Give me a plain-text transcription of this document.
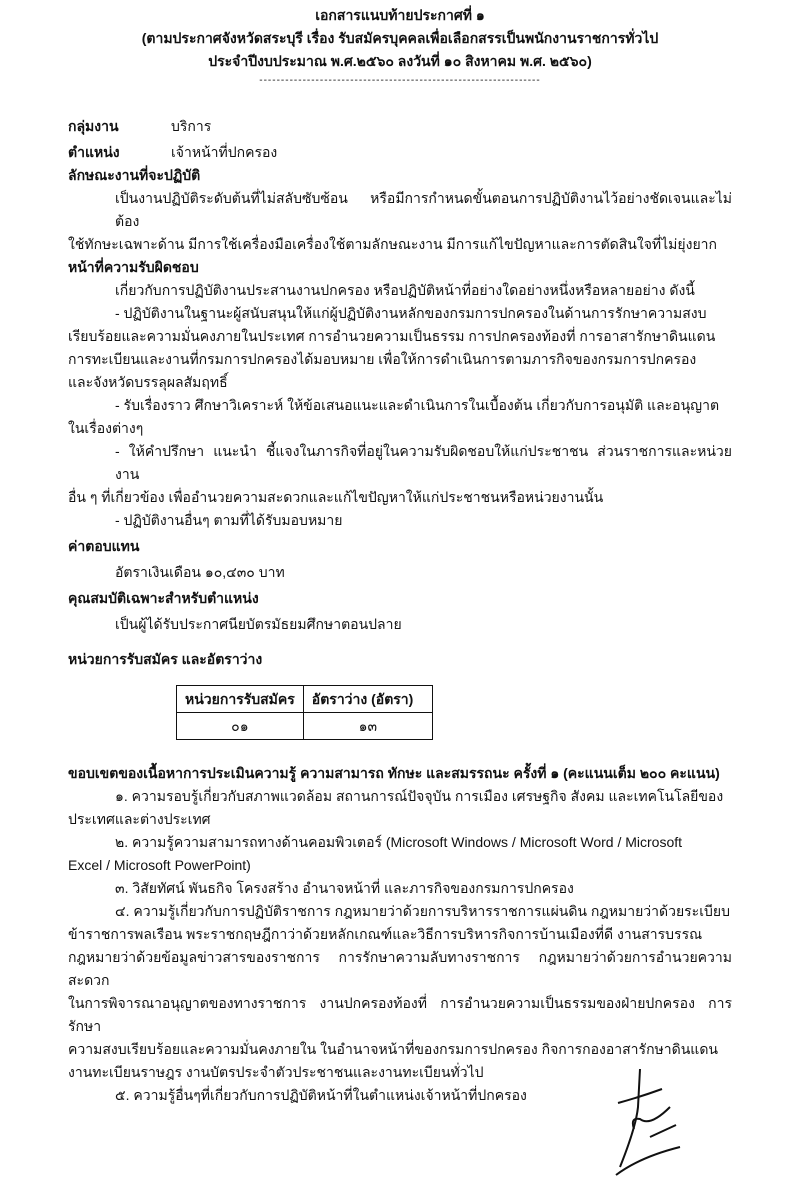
เอกสารแนบท้ายประกาศที่ ๑
(ตามประกาศจังหวัดสระบุรี เรื่อง รับสมัครบุคคลเพื่อเลือกสรรเป็นพนักงานราชการทั่วไป
ประจำปีงบประมาณ พ.ศ.๒๕๖๐ ลงวันที่ ๑๐ สิงหาคม พ.ศ. ๒๕๖๐)
-----------------------------------------------------------------
กลุ่มงาน	บริการ
ตำแหน่ง	เจ้าหน้าที่ปกครอง
ลักษณะงานที่จะปฏิบัติ
เป็นงานปฏิบัติระดับต้นที่ไม่สลับซับซ้อน หรือมีการกำหนดขั้นตอนการปฏิบัติงานไว้อย่างชัดเจนและไม่ต้อง
ใช้ทักษะเฉพาะด้าน มีการใช้เครื่องมือเครื่องใช้ตามลักษณะงาน มีการแก้ไขปัญหาและการตัดสินใจที่ไม่ยุ่งยาก
หน้าที่ความรับผิดชอบ
เกี่ยวกับการปฏิบัติงานประสานงานปกครอง หรือปฏิบัติหน้าที่อย่างใดอย่างหนึ่งหรือหลายอย่าง ดังนี้
- ปฏิบัติงานในฐานะผู้สนับสนุนให้แก่ผู้ปฏิบัติงานหลักของกรมการปกครองในด้านการรักษาความสงบ
เรียบร้อยและความมั่นคงภายในประเทศ การอำนวยความเป็นธรรม การปกครองท้องที่ การอาสารักษาดินแดน
การทะเบียนและงานที่กรมการปกครองได้มอบหมาย เพื่อให้การดำเนินการตามภารกิจของกรมการปกครอง
และจังหวัดบรรลุผลสัมฤทธิ์
- รับเรื่องราว ศึกษาวิเคราะห์ ให้ข้อเสนอแนะและดำเนินการในเบื้องต้น เกี่ยวกับการอนุมัติ และอนุญาต
ในเรื่องต่างๆ
- ให้คำปรึกษา แนะนำ ชี้แจงในภารกิจที่อยู่ในความรับผิดชอบให้แก่ประชาชน ส่วนราชการและหน่วยงาน
อื่น ๆ ที่เกี่ยวข้อง เพื่ออำนวยความสะดวกและแก้ไขปัญหาให้แก่ประชาชนหรือหน่วยงานนั้น
- ปฏิบัติงานอื่นๆ ตามที่ได้รับมอบหมาย
ค่าตอบแทน
อัตราเงินเดือน ๑๐,๔๓๐ บาท
คุณสมบัติเฉพาะสำหรับตำแหน่ง
เป็นผู้ได้รับประกาศนียบัตรมัธยมศึกษาตอนปลาย
หน่วยการรับสมัคร และอัตราว่าง
หน่วยการรับสมัคร	อัตราว่าง (อัตรา)
๐๑	๑๓
ขอบเขตของเนื้อหาการประเมินความรู้ ความสามารถ ทักษะ และสมรรถนะ ครั้งที่ ๑ (คะแนนเต็ม ๒๐๐ คะแนน)
๑. ความรอบรู้เกี่ยวกับสภาพแวดล้อม สถานการณ์ปัจจุบัน การเมือง เศรษฐกิจ สังคม และเทคโนโลยีของ
ประเทศและต่างประเทศ
๒. ความรู้ความสามารถทางด้านคอมพิวเตอร์ (Microsoft Windows / Microsoft Word / Microsoft
Excel / Microsoft PowerPoint)
๓. วิสัยทัศน์ พันธกิจ โครงสร้าง อำนาจหน้าที่ และภารกิจของกรมการปกครอง
๔. ความรู้เกี่ยวกับการปฏิบัติราชการ กฎหมายว่าด้วยการบริหารราชการแผ่นดิน กฎหมายว่าด้วยระเบียบ
ข้าราชการพลเรือน พระราชกฤษฎีกาว่าด้วยหลักเกณฑ์และวิธีการบริหารกิจการบ้านเมืองที่ดี งานสารบรรณ
กฎหมายว่าด้วยข้อมูลข่าวสารของราชการ การรักษาความลับทางราชการ กฎหมายว่าด้วยการอำนวยความสะดวก
ในการพิจารณาอนุญาตของทางราชการ งานปกครองท้องที่ การอำนวยความเป็นธรรมของฝ่ายปกครอง การรักษา
ความสงบเรียบร้อยและความมั่นคงภายใน ในอำนาจหน้าที่ของกรมการปกครอง กิจการกองอาสารักษาดินแดน
งานทะเบียนราษฎร งานบัตรประจำตัวประชาชนและงานทะเบียนทั่วไป
๕. ความรู้อื่นๆที่เกี่ยวกับการปฏิบัติหน้าที่ในตำแหน่งเจ้าหน้าที่ปกครอง
